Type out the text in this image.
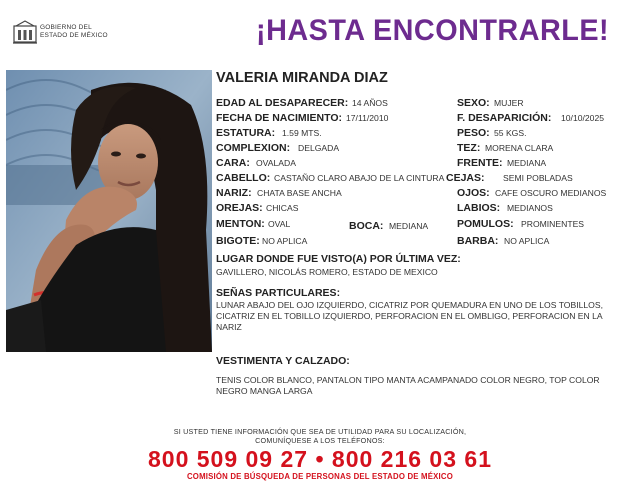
GOBIERNO DEL
ESTADO DE MÉXICO	¡HASTA ENCONTRARLE!
VALERIA MIRANDA DIAZ
EDAD AL DESAPARECER: 14 AÑOS
FECHA DE NACIMIENTO: 17/11/2010
ESTATURA: 1.59 MTS.
COMPLEXION: DELGADA
CARA: OVALADA
CABELLO: CASTAÑO CLARO ABAJO DE LA CINTURA
NARIZ: CHATA BASE ANCHA
OREJAS: CHICAS
MENTON: OVAL	BOCA: MEDIANA
BIGOTE: NO APLICA
SEXO: MUJER
F. DESAPARICIÓN: 10/10/2025
PESO: 55 KGS.
TEZ: MORENA CLARA
FRENTE: MEDIANA
CEJAS: SEMI POBLADAS
OJOS: CAFE OSCURO MEDIANOS
LABIOS: MEDIANOS
POMULOS: PROMINENTES
BARBA: NO APLICA
LUGAR DONDE FUE VISTO(A) POR ÚLTIMA VEZ:
GAVILLERO, NICOLÁS ROMERO, ESTADO DE MEXICO
SEÑAS PARTICULARES:
LUNAR ABAJO DEL OJO IZQUIERDO, CICATRIZ POR QUEMADURA EN UNO DE LOS TOBILLOS, CICATRIZ EN EL TOBILLO IZQUIERDO, PERFORACION EN EL OMBLIGO, PERFORACION EN LA NARIZ
VESTIMENTA Y CALZADO:
TENIS COLOR BLANCO, PANTALON TIPO MANTA ACAMPANADO COLOR NEGRO, TOP COLOR NEGRO MANGA LARGA
SI USTED TIENE INFORMACIÓN QUE SEA DE UTILIDAD PARA SU LOCALIZACIÓN,
COMUNÍQUESE A LOS TELÉFONOS:
800 509 09 27 • 800 216 03 61
COMISIÓN DE BÚSQUEDA DE PERSONAS DEL ESTADO DE MÉXICO
